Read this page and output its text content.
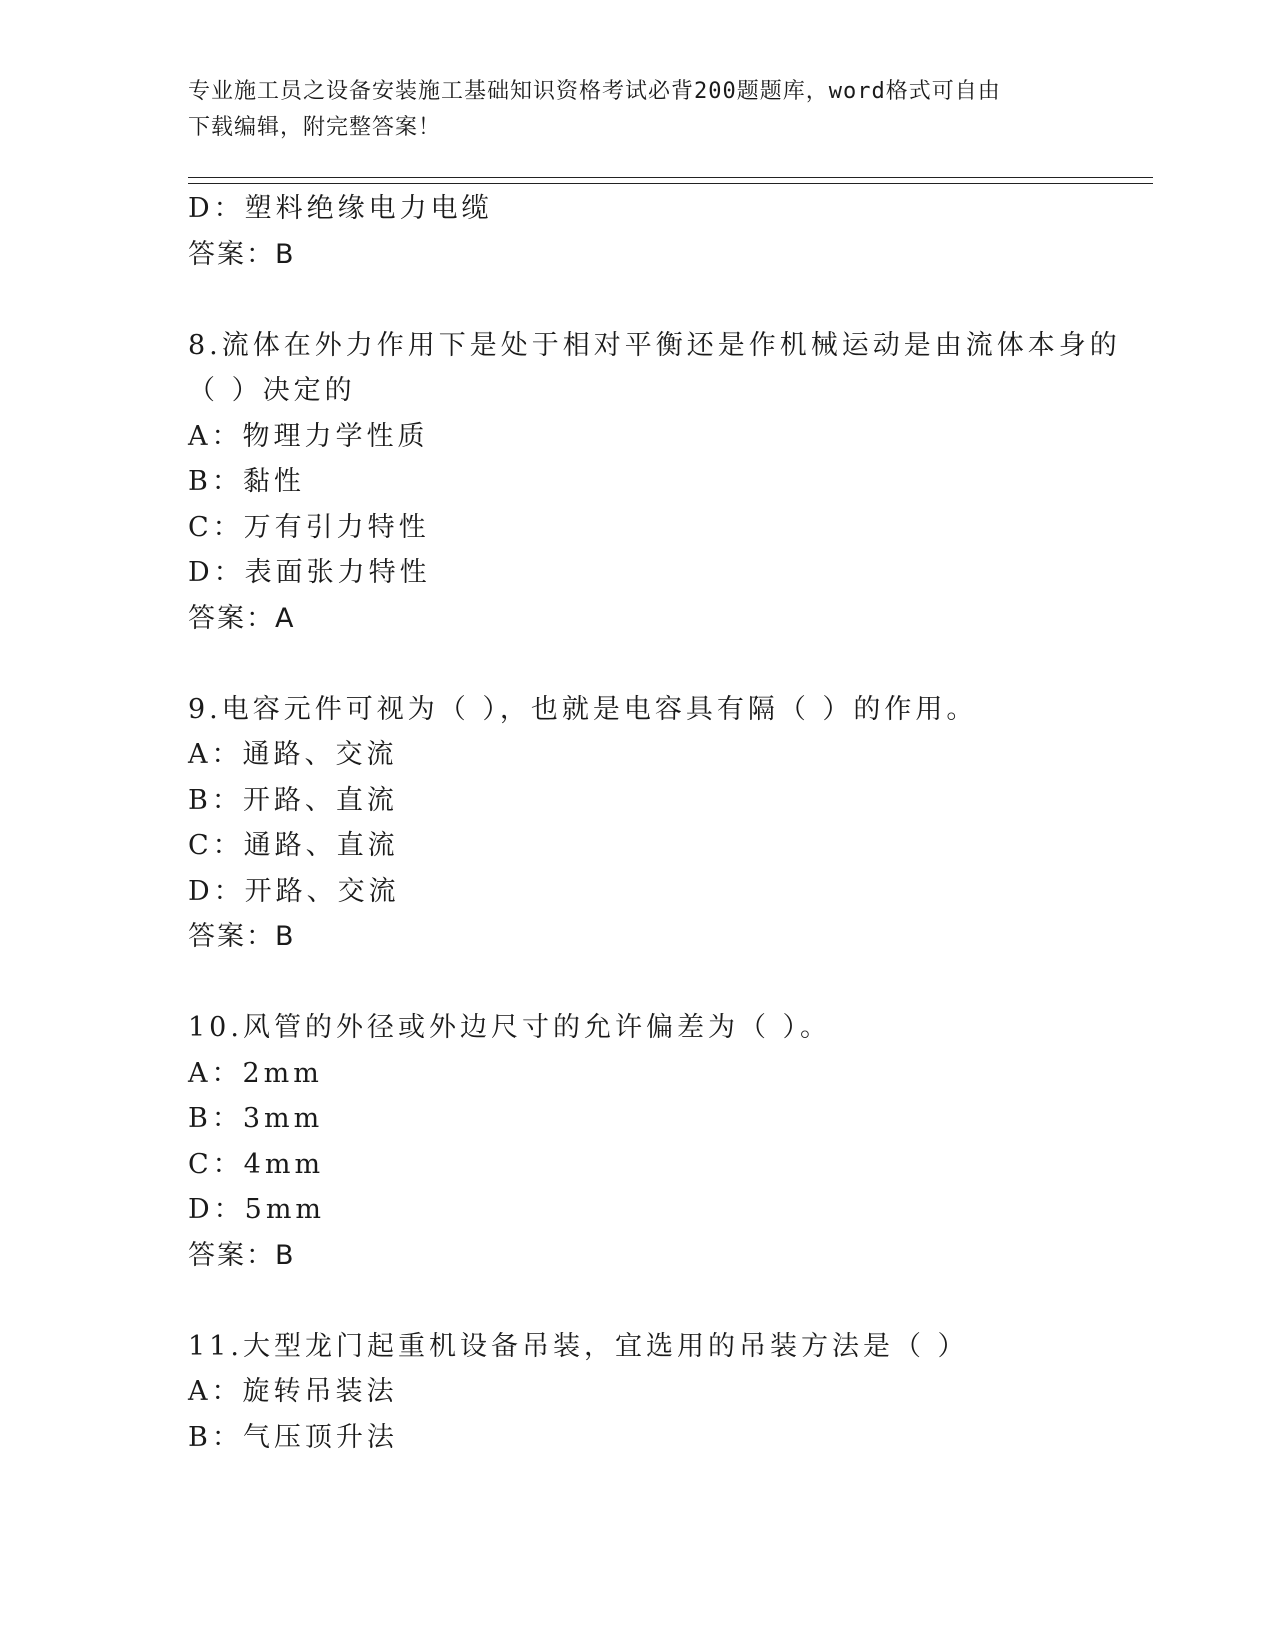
专业施工员之设备安装施工基础知识资格考试必背200题题库，word格式可自由
下载编辑，附完整答案！
D：塑料绝缘电力电缆
答案：B
8.流体在外力作用下是处于相对平衡还是作机械运动是由流体本身的
（ ）决定的
A：物理力学性质
B：黏性
C：万有引力特性
D：表面张力特性
答案：A
9.电容元件可视为（ ），也就是电容具有隔（ ）的作用。
A：通路、交流
B：开路、直流
C：通路、直流
D：开路、交流
答案：B
10.风管的外径或外边尺寸的允许偏差为（ ）。
A：2mm
B：3mm
C：4mm
D：5mm
答案：B
11.大型龙门起重机设备吊装，宜选用的吊装方法是（ ）
A：旋转吊装法
B：气压顶升法
